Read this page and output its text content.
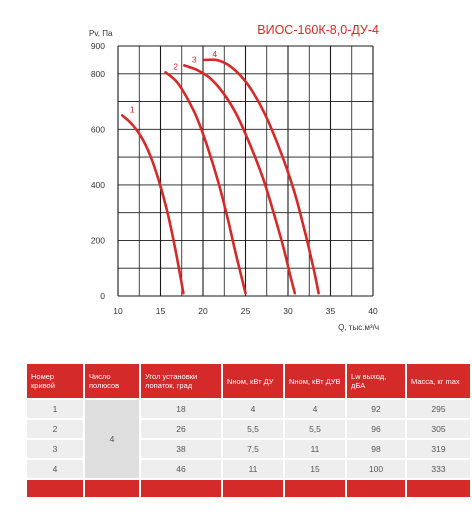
ВИОС-160К-8,0-ДУ-4
Pv, Па
Q, тыс.м³/ч
10	15	20	25	30	35	40
0
200
400
600
800
900
1
2
3
4
Номер кривой	Число полюсов	Угол установки лопаток, град	Nном, кВт ДУ	Nном, кВт ДУВ	Lw выход, дБА	Масса, кг max
1	4	18	4	4	92	295
2		26	5,5	5,5	96	305
3		38	7,5	11	98	319
4		46	11	15	100	333
